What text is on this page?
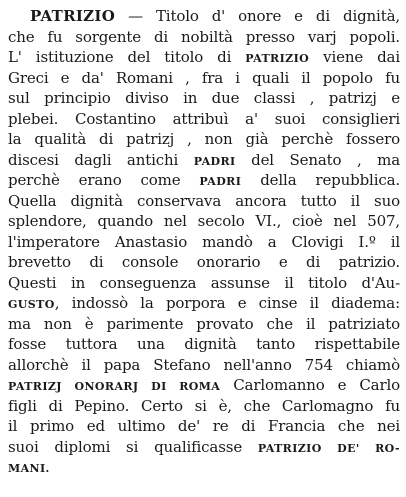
PATRIZIO — Titolo d' onore e di dignità,
che fu sorgente di nobiltà presso varj popoli.
L' istituzione del titolo di PATRIZIO viene dai
Greci e da' Romani , fra i quali il popolo fu
sul principio diviso in due classi , patrizj e
plebei. Costantino attribuì a' suoi consiglieri
la qualità di patrizj , non già perchè fossero
discesi dagli antichi PADRI del Senato , ma
perchè erano come PADRI della repubblica.
Quella dignità conservava ancora tutto il suo
splendore, quando nel secolo VI., cioè nel 507,
l'imperatore Anastasio mandò a Clovigi I.º il
brevetto di console onorario e di patrizio.
Questi in conseguenza assunse il titolo d'Au-
GUSTO, indossò la porpora e cinse il diadema:
ma non è parimente provato che il patriziato
fosse tuttora una dignità tanto rispettabile
allorchè il papa Stefano nell'anno 754 chiamò
PATRIZJ ONORARJ DI ROMA Carlomanno e Carlo
figli di Pepino. Certo si è, che Carlomagno fu
il primo ed ultimo de' re di Francia che nei
suoi diplomi si qualificasse PATRIZIO DE' RO-
MANI.
